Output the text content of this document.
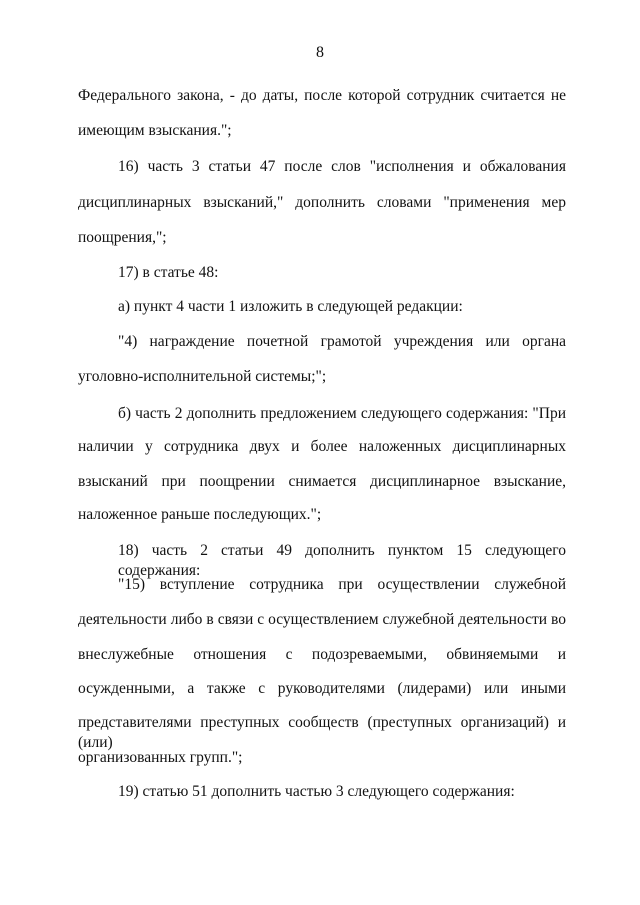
8
Федерального закона, - до даты, после которой сотрудник считается не
имеющим взыскания.";
16) часть 3 статьи 47 после слов "исполнения и обжалования
дисциплинарных взысканий," дополнить словами "применения мер
поощрения,";
17) в статье 48:
а) пункт 4 части 1 изложить в следующей редакции:
"4) награждение почетной грамотой учреждения или органа
уголовно-исполнительной системы;";
б) часть 2 дополнить предложением следующего содержания: "При
наличии у сотрудника двух и более наложенных дисциплинарных
взысканий при поощрении снимается дисциплинарное взыскание,
наложенное раньше последующих.";
18) часть 2 статьи 49 дополнить пунктом 15 следующего содержания:
"15) вступление сотрудника при осуществлении служебной
деятельности либо в связи с осуществлением служебной деятельности во
внеслужебные отношения с подозреваемыми, обвиняемыми и
осужденными, а также с руководителями (лидерами) или иными
представителями преступных сообществ (преступных организаций) и (или)
организованных групп.";
19) статью 51 дополнить частью 3 следующего содержания:
